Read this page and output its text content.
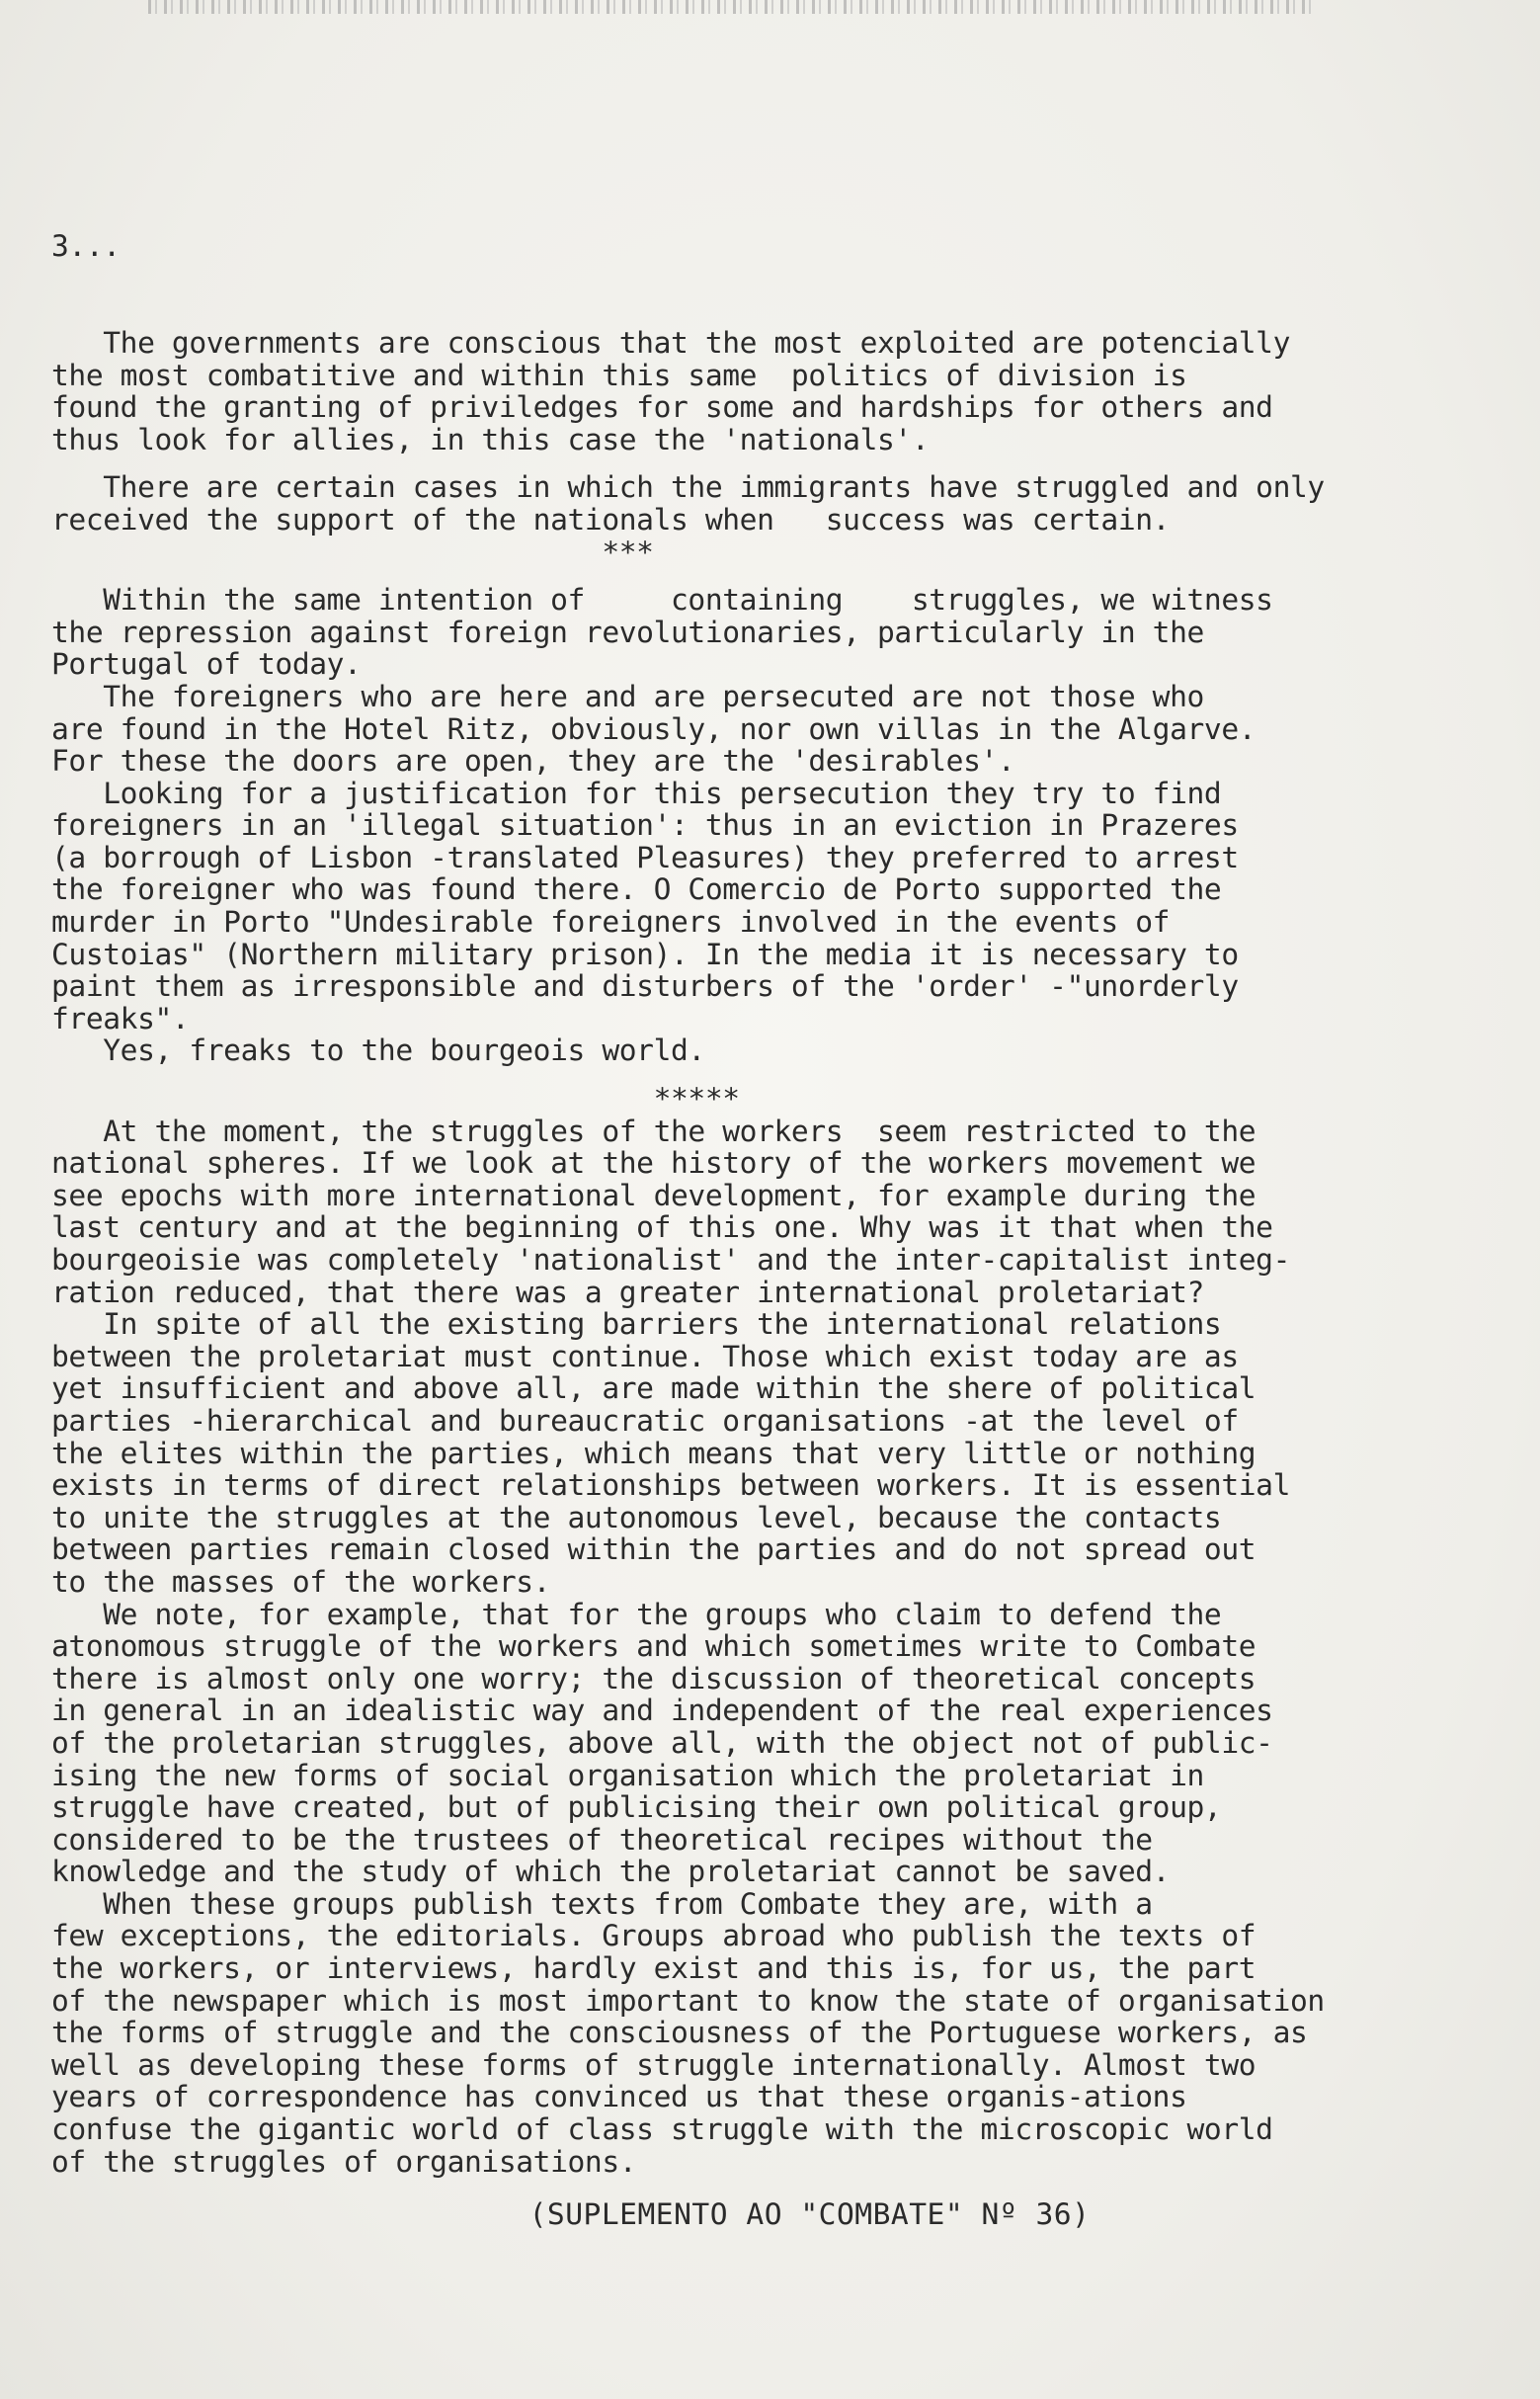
3...

The governments are conscious that the most exploited are potencially
the most combatitive and within this same  politics of division is
found the granting of priviledges for some and hardships for others and
thus look for allies, in this case the 'nationals'.
There are certain cases in which the immigrants have struggled and only
received the support of the nationals when   success was certain.
***
Within the same intention of     containing    struggles, we witness
the repression against foreign revolutionaries, particularly in the
Portugal of today.
The foreigners who are here and are persecuted are not those who
are found in the Hotel Ritz, obviously, nor own villas in the Algarve.
For these the doors are open, they are the 'desirables'.
Looking for a justification for this persecution they try to find
foreigners in an 'illegal situation': thus in an eviction in Prazeres
(a borrough of Lisbon -translated Pleasures) they preferred to arrest
the foreigner who was found there. O Comercio de Porto supported the
murder in Porto "Undesirable foreigners involved in the events of
Custoias" (Northern military prison). In the media it is necessary to
paint them as irresponsible and disturbers of the 'order' -"unorderly
freaks".
Yes, freaks to the bourgeois world.
*****
At the moment, the struggles of the workers  seem restricted to the
national spheres. If we look at the history of the workers movement we
see epochs with more international development, for example during the
last century and at the beginning of this one. Why was it that when the
bourgeoisie was completely 'nationalist' and the inter-capitalist integ-
ration reduced, that there was a greater international proletariat?
In spite of all the existing barriers the international relations
between the proletariat must continue. Those which exist today are as
yet insufficient and above all, are made within the shere of political
parties -hierarchical and bureaucratic organisations -at the level of
the elites within the parties, which means that very little or nothing
exists in terms of direct relationships between workers. It is essential
to unite the struggles at the autonomous level, because the contacts
between parties remain closed within the parties and do not spread out
to the masses of the workers.
We note, for example, that for the groups who claim to defend the
atonomous struggle of the workers and which sometimes write to Combate
there is almost only one worry; the discussion of theoretical concepts
in general in an idealistic way and independent of the real experiences
of the proletarian struggles, above all, with the object not of public-
ising the new forms of social organisation which the proletariat in
struggle have created, but of publicising their own political group,
considered to be the trustees of theoretical recipes without the
knowledge and the study of which the proletariat cannot be saved.
When these groups publish texts from Combate they are, with a
few exceptions, the editorials. Groups abroad who publish the texts of
the workers, or interviews, hardly exist and this is, for us, the part
of the newspaper which is most important to know the state of organisation
the forms of struggle and the consciousness of the Portuguese workers, as
well as developing these forms of struggle internationally. Almost two
years of correspondence has convinced us that these organis-ations
confuse the gigantic world of class struggle with the microscopic world
of the struggles of organisations.

(SUPLEMENTO AO "COMBATE" Nº 36)
